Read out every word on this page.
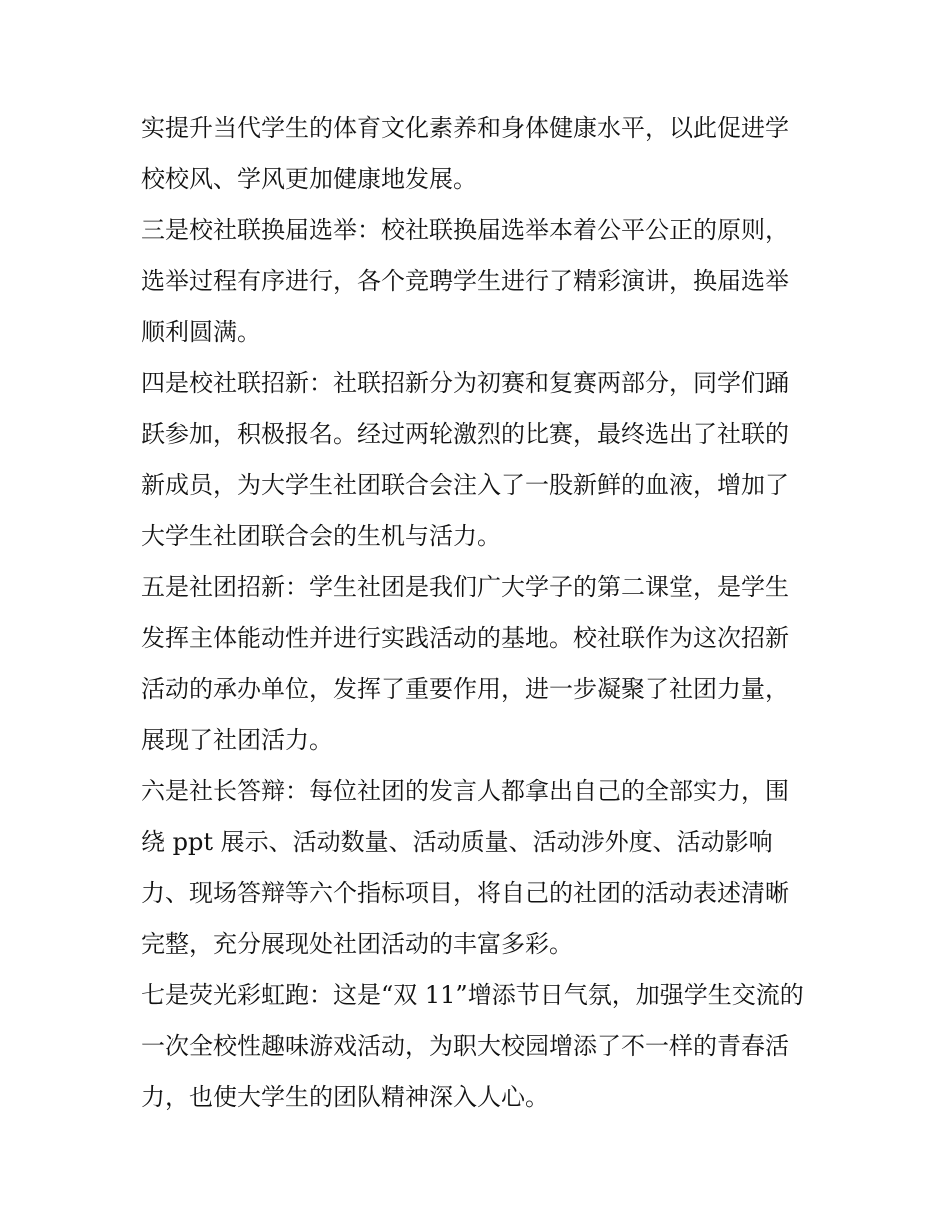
实提升当代学生的体育文化素养和身体健康水平，以此促进学
校校风、学风更加健康地发展。
三是校社联换届选举：校社联换届选举本着公平公正的原则，
选举过程有序进行，各个竞聘学生进行了精彩演讲，换届选举
顺利圆满。
四是校社联招新：社联招新分为初赛和复赛两部分，同学们踊
跃参加，积极报名。经过两轮激烈的比赛，最终选出了社联的
新成员，为大学生社团联合会注入了一股新鲜的血液，增加了
大学生社团联合会的生机与活力。
五是社团招新：学生社团是我们广大学子的第二课堂，是学生
发挥主体能动性并进行实践活动的基地。校社联作为这次招新
活动的承办单位，发挥了重要作用，进一步凝聚了社团力量，
展现了社团活力。
六是社长答辩：每位社团的发言人都拿出自己的全部实力，围
绕 ppt 展示、活动数量、活动质量、活动涉外度、活动影响
力、现场答辩等六个指标项目，将自己的社团的活动表述清晰
完整，充分展现处社团活动的丰富多彩。
七是荧光彩虹跑：这是“双 11”增添节日气氛，加强学生交流的
一次全校性趣味游戏活动，为职大校园增添了不一样的青春活
力，也使大学生的团队精神深入人心。
